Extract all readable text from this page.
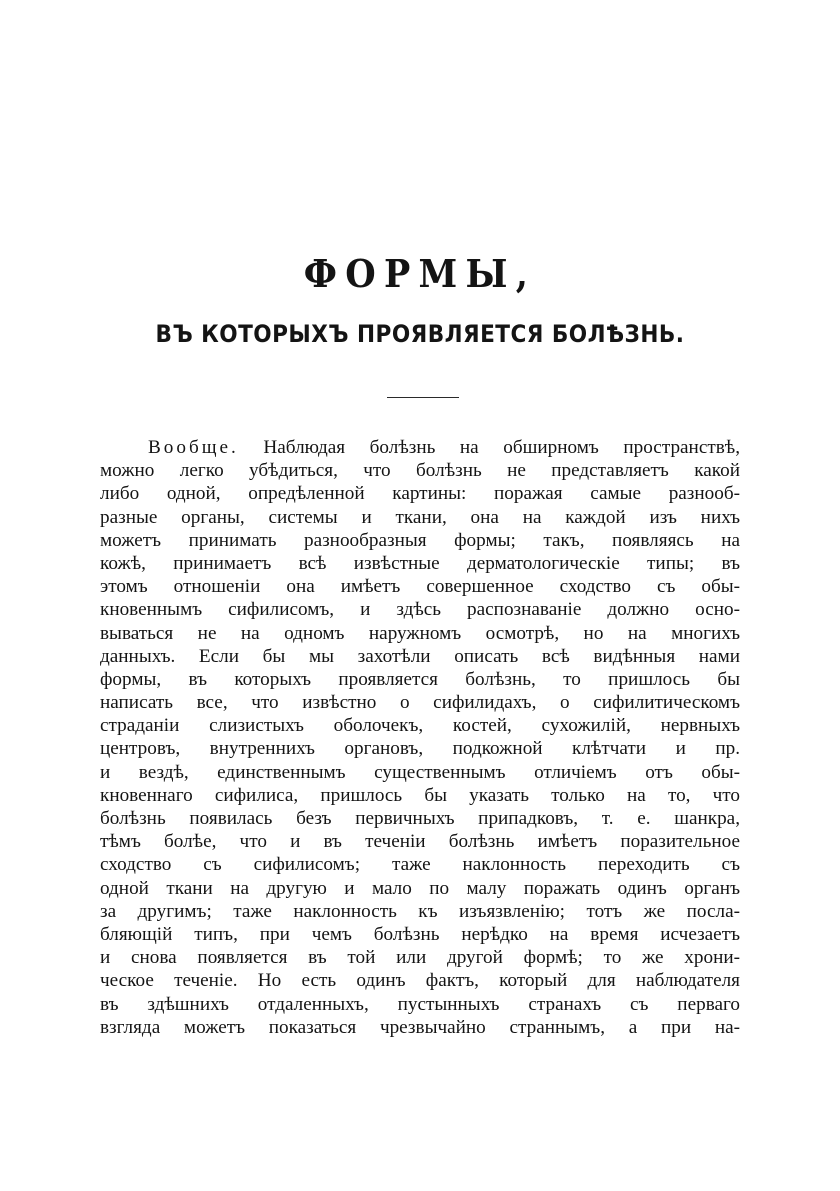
ФОРМЫ,
ВЪ КОТОРЫХЪ ПРОЯВЛЯЕТСЯ БОЛѢЗНЬ.
Вообще. Наблюдая болѣзнь на обширномъ пространствѣ,
можно легко убѣдиться, что болѣзнь не представляетъ какой
либо одной, опредѣленной картины: поражая самые разнооб-
разные органы, системы и ткани, она на каждой изъ нихъ
можетъ принимать разнообразныя формы; такъ, появляясь на
кожѣ, принимаетъ всѣ извѣстные дерматологическіе типы; въ
этомъ отношеніи она имѣетъ совершенное сходство съ обы-
кновеннымъ сифилисомъ, и здѣсь распознаваніе должно осно-
вываться не на одномъ наружномъ осмотрѣ, но на многихъ
данныхъ. Если бы мы захотѣли описать всѣ видѣнныя нами
формы, въ которыхъ проявляется болѣзнь, то пришлось бы
написать все, что извѣстно о сифилидахъ, о сифилитическомъ
страданіи слизистыхъ оболочекъ, костей, сухожилій, нервныхъ
центровъ, внутреннихъ органовъ, подкожной клѣтчати и пр.
и вездѣ, единственнымъ существеннымъ отличіемъ отъ обы-
кновеннаго сифилиса, пришлось бы указать только на то, что
болѣзнь появилась безъ первичныхъ припадковъ, т. е. шанкра,
тѣмъ болѣе, что и въ теченіи болѣзнь имѣетъ поразительное
сходство съ сифилисомъ; таже наклонность переходить съ
одной ткани на другую и мало по малу поражать одинъ органъ
за другимъ; таже наклонность къ изъязвленію; тотъ же посла-
бляющій типъ, при чемъ болѣзнь нерѣдко на время исчезаетъ
и снова появляется въ той или другой формѣ; то же хрони-
ческое теченіе. Но есть одинъ фактъ, который для наблюдателя
въ здѣшнихъ отдаленныхъ, пустынныхъ странахъ съ перваго
взгляда можетъ показаться чрезвычайно страннымъ, а при на-
